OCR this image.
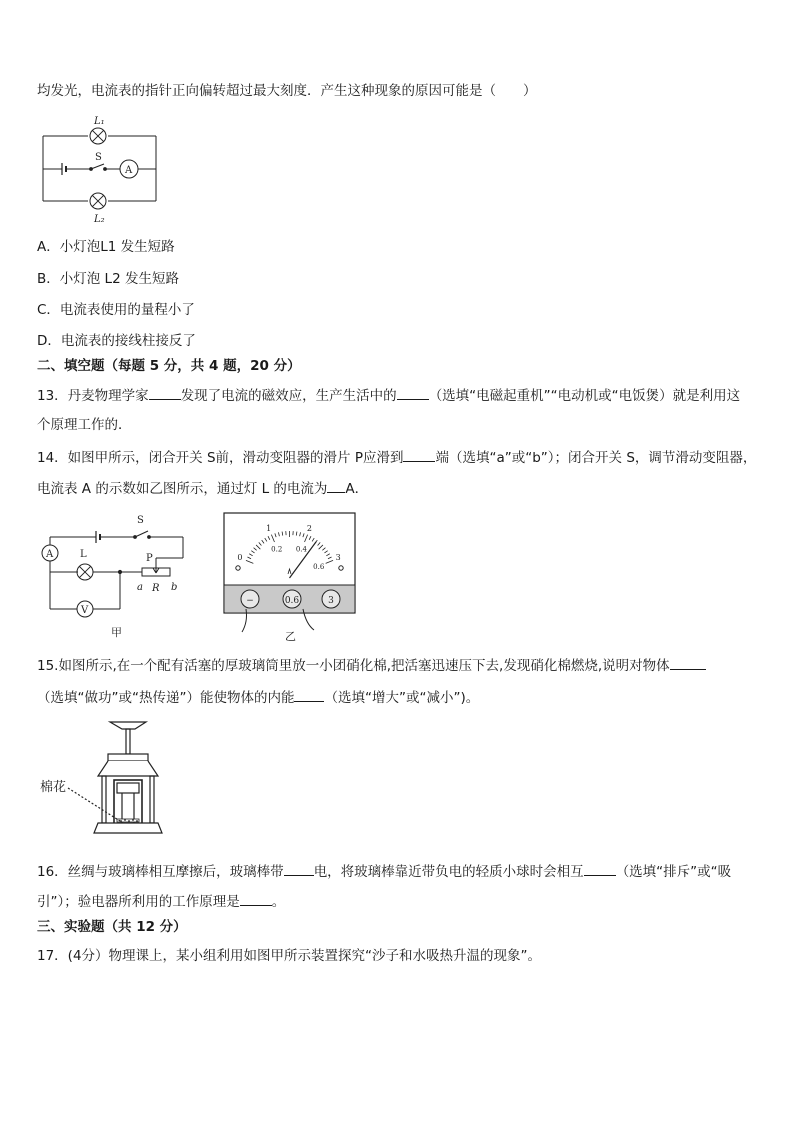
均发光，电流表的指针正向偏转超过最大刻度．产生这种现象的原因可能是（　　）
L₁
L₂
S
A
A．小灯泡L1 发生短路
B．小灯泡 L2 发生短路
C．电流表使用的量程小了
D．电流表的接线柱接反了
二、填空题（每题 5 分，共 4 题，20 分）
13．丹麦物理学家 发现了电流的磁效应，生产生活中的 （选填“电磁起重机”“电动机或“电饭煲）就是利用这
个原理工作的．
14．如图甲所示，闭合开关 S前，滑动变阻器的滑片 P应滑到 端（选填“a”或“b”）；闭合开关 S，调节滑动变阻器，
电流表 A 的示数如乙图所示，通过灯 L 的电流为 A．
S
L	P
A
V
a R b
甲
0
1	2
3
0.2 0.4
0.6
−	0.6	3
乙
15.如图所示,在一个配有活塞的厚玻璃筒里放一小团硝化棉,把活塞迅速压下去,发现硝化棉燃烧,说明对物体
（选填“做功”或“热传递”）能使物体的内能 （选填“增大”或“减小”)。
棉花
16．丝绸与玻璃棒相互摩擦后，玻璃棒带 电，将玻璃棒靠近带负电的轻质小球时会相互 （选填“排斥”或“吸
引”）；验电器所利用的工作原理是 。
三、实验题（共 12 分）
17．(4分）物理课上，某小组利用如图甲所示装置探究“沙子和水吸热升温的现象”。
